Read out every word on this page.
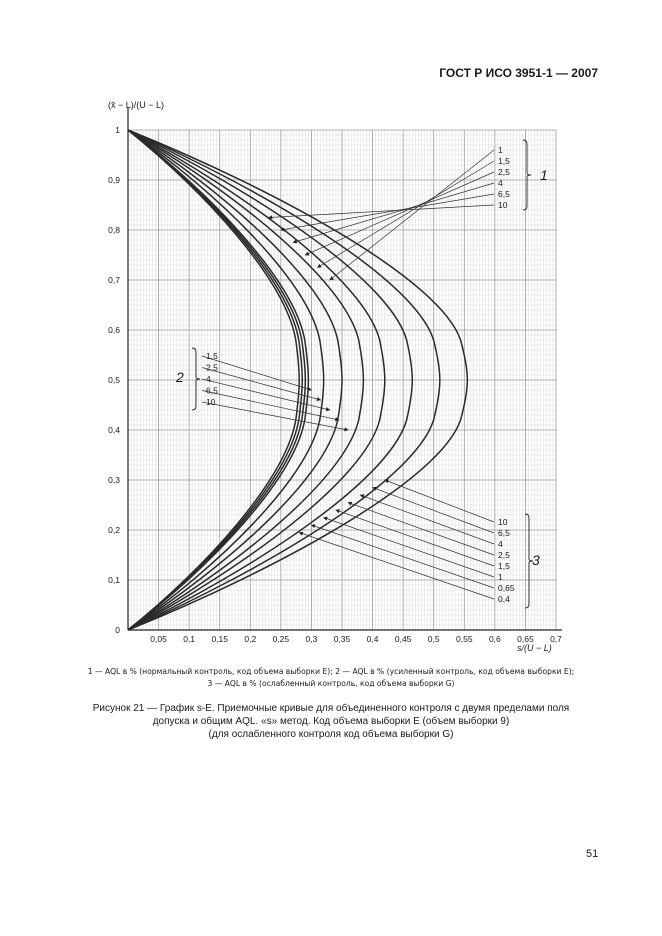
ГОСТ Р ИСО 3951-1 — 2007
0,05 0,1 0,15 0,2 0,25 0,3 0,35 0,4 0,45 0,5 0,55 0,6 0,65 0,7
0
0,1
0,2
0,3
0,4
0,5
0,6
0,7
0,8
0,9
1
1
1,5
2,5
4
6,5
10
1,5
2,5
4
6,5
10
10
6,5
4
2,5
1,5
1
0,65
0,4
1
2
3
(x̄ − L)/(U − L)
s/(U − L)
1 — AQL в % (нормальный контроль, код объема выборки E); 2 — AQL в % (усиленный контроль, код объема выборки E);
3 — AQL в % (ослабленный контроль, код объема выборки G)
Рисунок 21 — График s-E. Приемочные кривые для объединенного контроля с двумя пределами поля
допуска и общим AQL. «s» метод. Код объема выборки E (объем выборки 9)
(для ослабленного контроля код объема выборки G)
51
